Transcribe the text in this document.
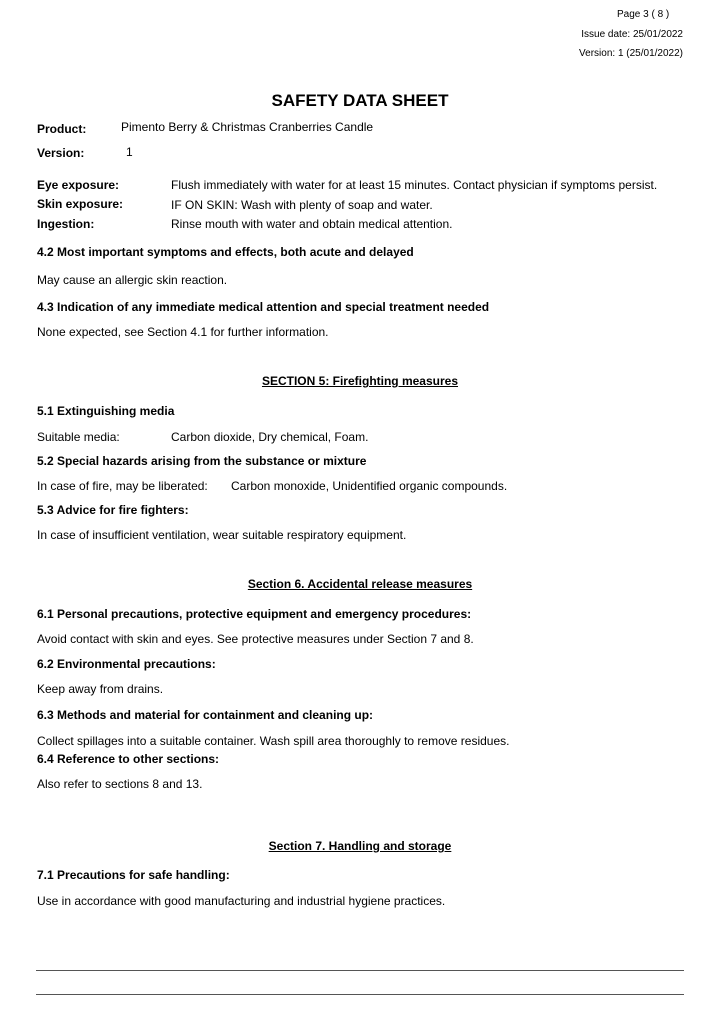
Page 3 ( 8 )
Issue date: 25/01/2022
Version: 1 (25/01/2022)
SAFETY DATA SHEET
Product:	Pimento Berry & Christmas Cranberries Candle
Version:	1
Eye exposure:	Flush immediately with water for at least 15 minutes. Contact physician if symptoms persist.
Skin exposure:	IF ON SKIN: Wash with plenty of soap and water.
Ingestion:	Rinse mouth with water and obtain medical attention.
4.2 Most important symptoms and effects, both acute and delayed
May cause an allergic skin reaction.
4.3 Indication of any immediate medical attention and special treatment needed
None expected, see Section 4.1 for further information.
SECTION 5: Firefighting measures
5.1 Extinguishing media
Suitable media:	Carbon dioxide, Dry chemical, Foam.
5.2 Special hazards arising from the substance or mixture
In case of fire, may be liberated: Carbon monoxide, Unidentified organic compounds.
5.3 Advice for fire fighters:
In case of insufficient ventilation, wear suitable respiratory equipment.
Section 6. Accidental release measures
6.1 Personal precautions, protective equipment and emergency procedures:
Avoid contact with skin and eyes. See protective measures under Section 7 and 8.
6.2 Environmental precautions:
Keep away from drains.
6.3 Methods and material for containment and cleaning up:
Collect spillages into a suitable container. Wash spill area thoroughly to remove residues.
6.4 Reference to other sections:
Also refer to sections 8 and 13.
Section 7. Handling and storage
7.1 Precautions for safe handling:
Use in accordance with good manufacturing and industrial hygiene practices.
